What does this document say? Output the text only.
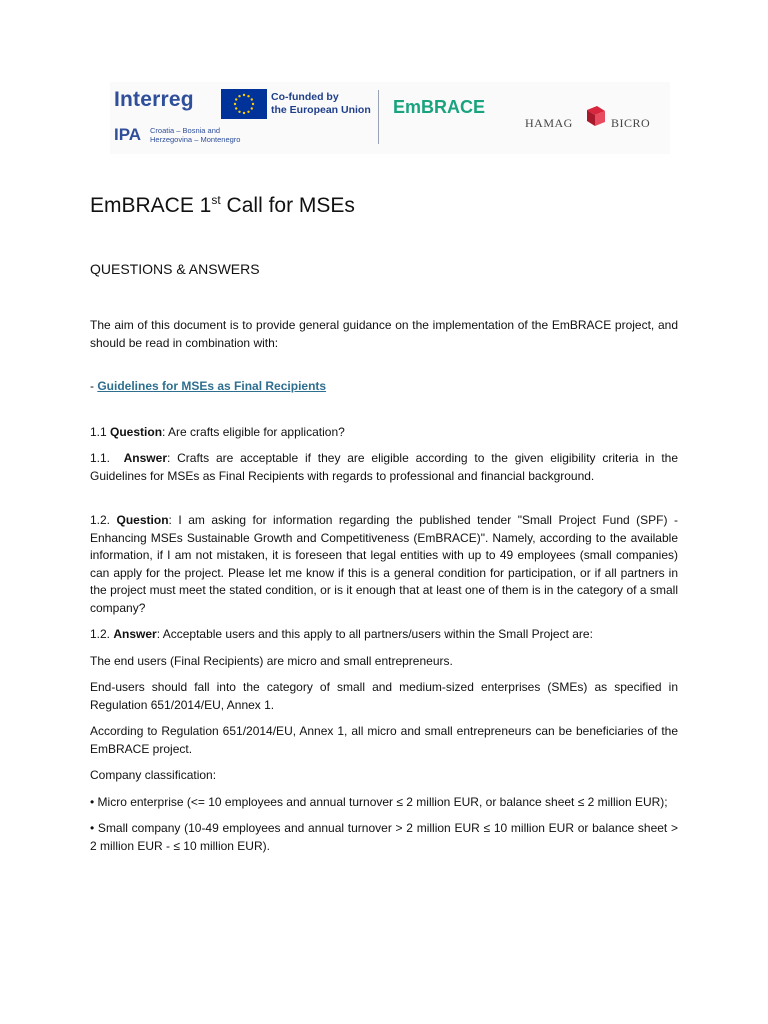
Interreg
IPA Croatia – Bosnia and
Herzegovina – Montenegro
Co-funded by
the European Union EmBRACE
HAMAG	BICRO
EmBRACE 1st Call for MSEs
QUESTIONS & ANSWERS

The aim of this document is to provide general guidance on the implementation of the EmBRACE project, and should be read in combination with:

- Guidelines for MSEs as Final Recipients

1.1 Question: Are crafts eligible for application?

1.1.  Answer: Crafts are acceptable if they are eligible according to the given eligibility criteria in the Guidelines for MSEs as Final Recipients with regards to professional and financial background.

1.2. Question: I am asking for information regarding the published tender "Small Project Fund (SPF) - Enhancing MSEs Sustainable Growth and Competitiveness (EmBRACE)". Namely, according to the available information, if I am not mistaken, it is foreseen that legal entities with up to 49 employees (small companies) can apply for the project. Please let me know if this is a general condition for participation, or if all partners in the project must meet the stated condition, or is it enough that at least one of them is in the category of a small company?

1.2. Answer: Acceptable users and this apply to all partners/users within the Small Project are:

The end users (Final Recipients) are micro and small entrepreneurs.

End-users should fall into the category of small and medium-sized enterprises (SMEs) as specified in Regulation 651/2014/EU, Annex 1.

According to Regulation 651/2014/EU, Annex 1, all micro and small entrepreneurs can be beneficiaries of the EmBRACE project.

Company classification:

• Micro enterprise (<= 10 employees and annual turnover ≤ 2 million EUR, or balance sheet ≤ 2 million EUR);

• Small company (10-49 employees and annual turnover > 2 million EUR ≤ 10 million EUR or balance sheet > 2 million EUR - ≤ 10 million EUR).
